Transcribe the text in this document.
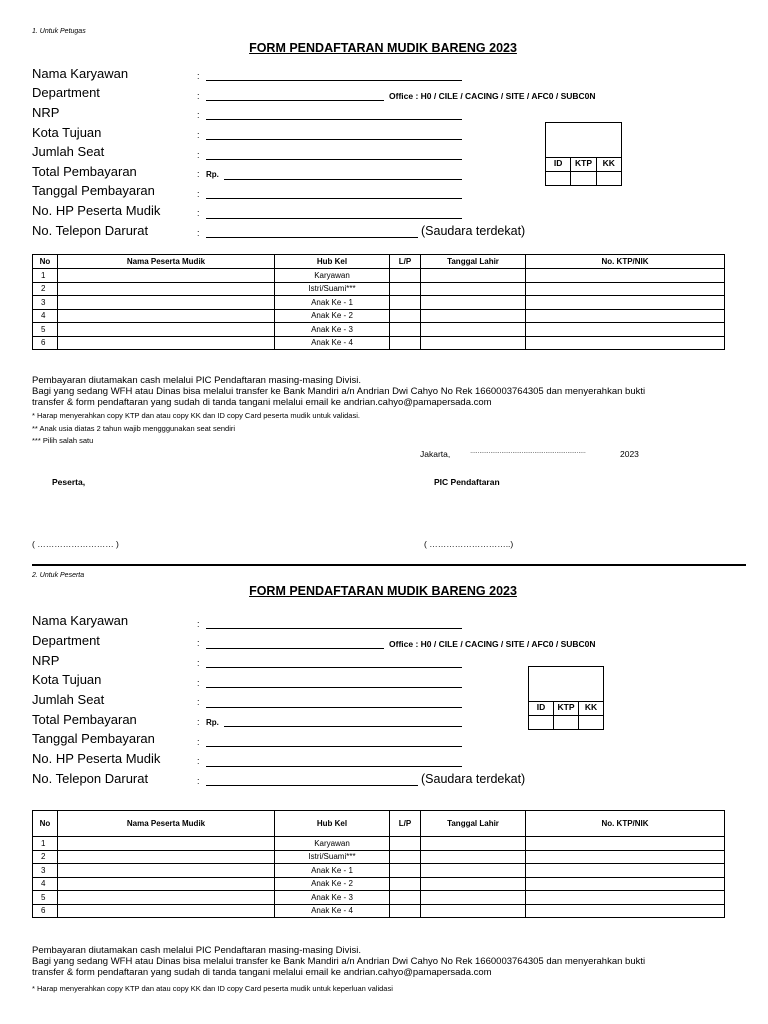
1. Untuk Petugas
FORM PENDAFTARAN MUDIK BARENG 2023
Nama Karyawan	:
Department	:	Office : H0 / CILE / CACING / SITE / AFC0 / SUBC0N
NRP	:
Kota Tujuan	:
Jumlah Seat	:
Total Pembayaran	: Rp.
Tanggal Pembayaran	:
No. HP Peserta Mudik	:
No. Telepon Darurat	:	(Saudara terdekat)
ID	KTP	KK
No	Nama Peserta Mudik	Hub Kel	L/P	Tanggal Lahir	No. KTP/NIK
1		Karyawan			
2		Istri/Suami***			
3		Anak Ke - 1			
4		Anak Ke - 2			
5		Anak Ke - 3			
6		Anak Ke - 4			
Pembayaran diutamakan cash melalui PIC Pendaftaran masing-masing Divisi.
Bagi yang sedang WFH atau Dinas bisa melalui transfer ke Bank Mandiri a/n Andrian Dwi Cahyo No Rek 1660003764305 dan menyerahkan bukti
transfer & form pendaftaran yang sudah di tanda tangani melalui email ke andrian.cahyo@pamapersada.com
* Harap menyerahkan copy KTP dan atau copy KK dan ID copy Card peserta mudik untuk validasi.
** Anak usia diatas 2 tahun wajib mengggunakan seat sendiri
*** Pilih salah satu
Jakarta,	………………………………………………………	2023
Peserta,	PIC Pendaftaran
( ……………………… )	( ………………………..)
2. Untuk Peserta
FORM PENDAFTARAN MUDIK BARENG 2023
Nama Karyawan	:
Department	:	Office : H0 / CILE / CACING / SITE / AFC0 / SUBC0N
NRP	:
Kota Tujuan	:
Jumlah Seat	:
Total Pembayaran	: Rp.
Tanggal Pembayaran	:
No. HP Peserta Mudik	:
No. Telepon Darurat	:	(Saudara terdekat)
ID	KTP	KK
No	Nama Peserta Mudik	Hub Kel	L/P	Tanggal Lahir	No. KTP/NIK
1		Karyawan			
2		Istri/Suami***			
3		Anak Ke - 1			
4		Anak Ke - 2			
5		Anak Ke - 3			
6		Anak Ke - 4			
Pembayaran diutamakan cash melalui PIC Pendaftaran masing-masing Divisi.
Bagi yang sedang WFH atau Dinas bisa melalui transfer ke Bank Mandiri a/n Andrian Dwi Cahyo No Rek 1660003764305 dan menyerahkan bukti
transfer & form pendaftaran yang sudah di tanda tangani melalui email ke andrian.cahyo@pamapersada.com
* Harap menyerahkan copy KTP dan atau copy KK dan ID copy Card peserta mudik untuk keperluan validasi
